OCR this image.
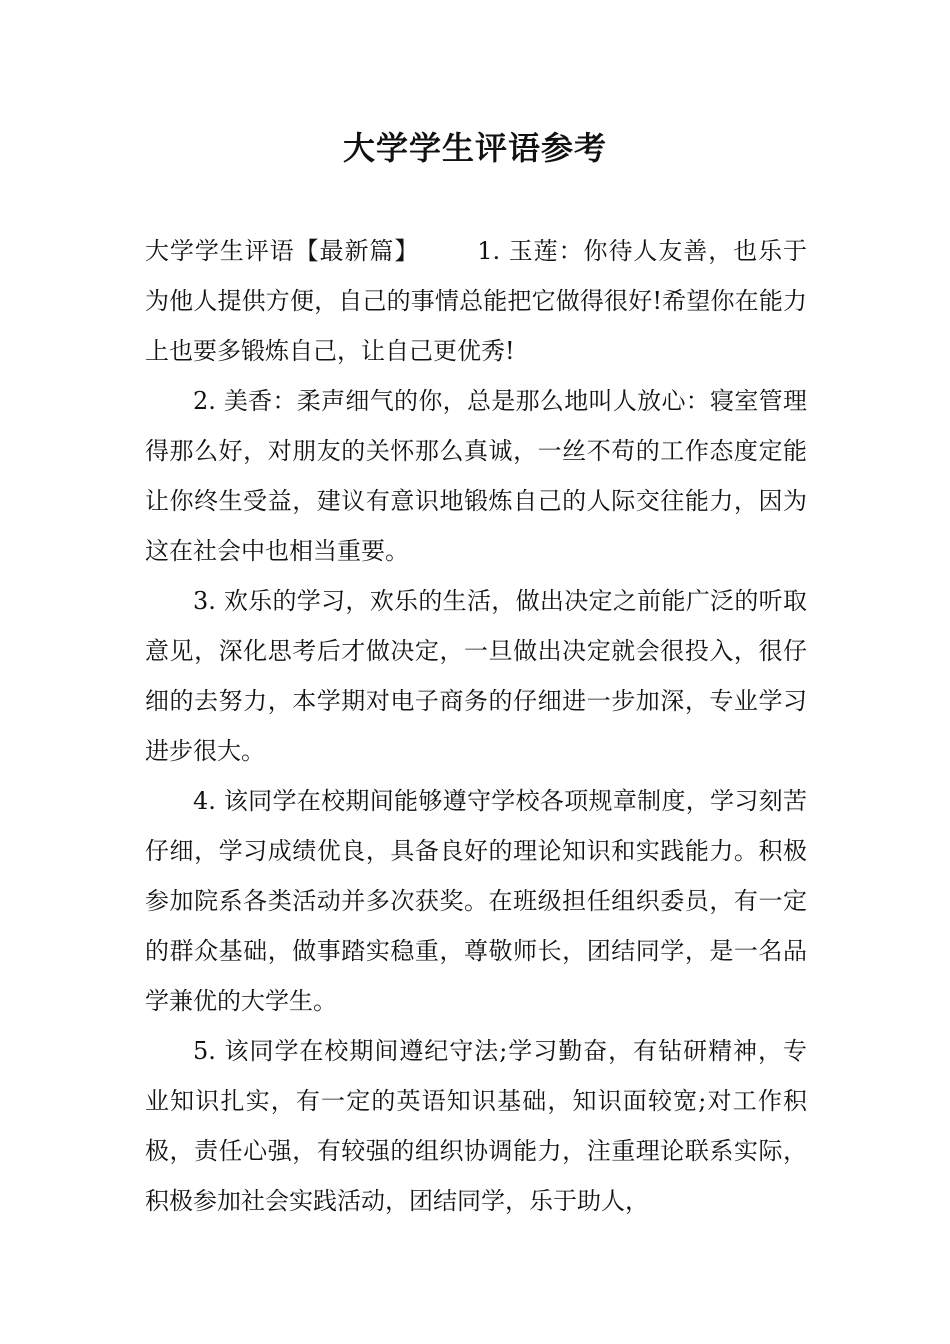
大学学生评语参考

大学学生评语【最新篇】 1. 玉莲：你待人友善，也乐于为他人提供方便，自己的事情总能把它做得很好!希望你在能力上也要多锻炼自己，让自己更优秀!

2. 美香：柔声细气的你，总是那么地叫人放心：寝室管理得那么好，对朋友的关怀那么真诚，一丝不苟的工作态度定能让你终生受益，建议有意识地锻炼自己的人际交往能力，因为这在社会中也相当重要。

3. 欢乐的学习，欢乐的生活，做出决定之前能广泛的听取意见，深化思考后才做决定，一旦做出决定就会很投入，很仔细的去努力，本学期对电子商务的仔细进一步加深，专业学习进步很大。

4. 该同学在校期间能够遵守学校各项规章制度，学习刻苦仔细，学习成绩优良，具备良好的理论知识和实践能力。积极参加院系各类活动并多次获奖。在班级担任组织委员，有一定的群众基础，做事踏实稳重，尊敬师长，团结同学，是一名品学兼优的大学生。

5. 该同学在校期间遵纪守法;学习勤奋，有钻研精神，专业知识扎实，有一定的英语知识基础，知识面较宽;对工作积极，责任心强，有较强的组织协调能力，注重理论联系实际，积极参加社会实践活动，团结同学，乐于助人，
